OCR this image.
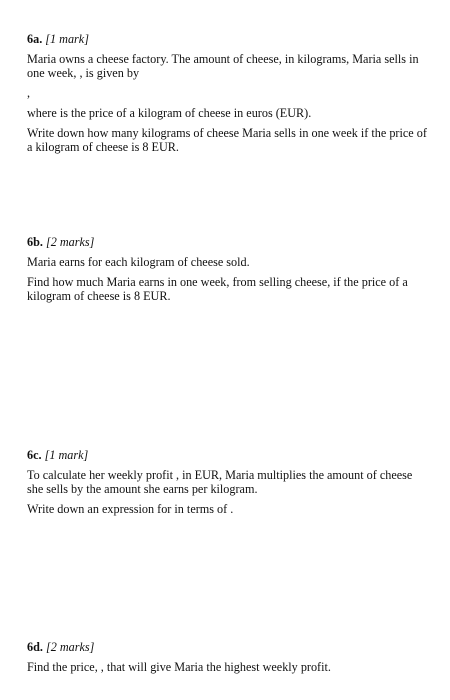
6a. [1 mark]

Maria owns a cheese factory. The amount of cheese, in kilograms, Maria sells in one week, , is given by

,

where is the price of a kilogram of cheese in euros (EUR).

Write down how many kilograms of cheese Maria sells in one week if the price of a kilogram of cheese is 8 EUR.

6b. [2 marks]

Maria earns for each kilogram of cheese sold.

Find how much Maria earns in one week, from selling cheese, if the price of a kilogram of cheese is 8 EUR.

6c. [1 mark]

To calculate her weekly profit , in EUR, Maria multiplies the amount of cheese she sells by the amount she earns per kilogram.

Write down an expression for in terms of .

6d. [2 marks]

Find the price, , that will give Maria the highest weekly profit.
